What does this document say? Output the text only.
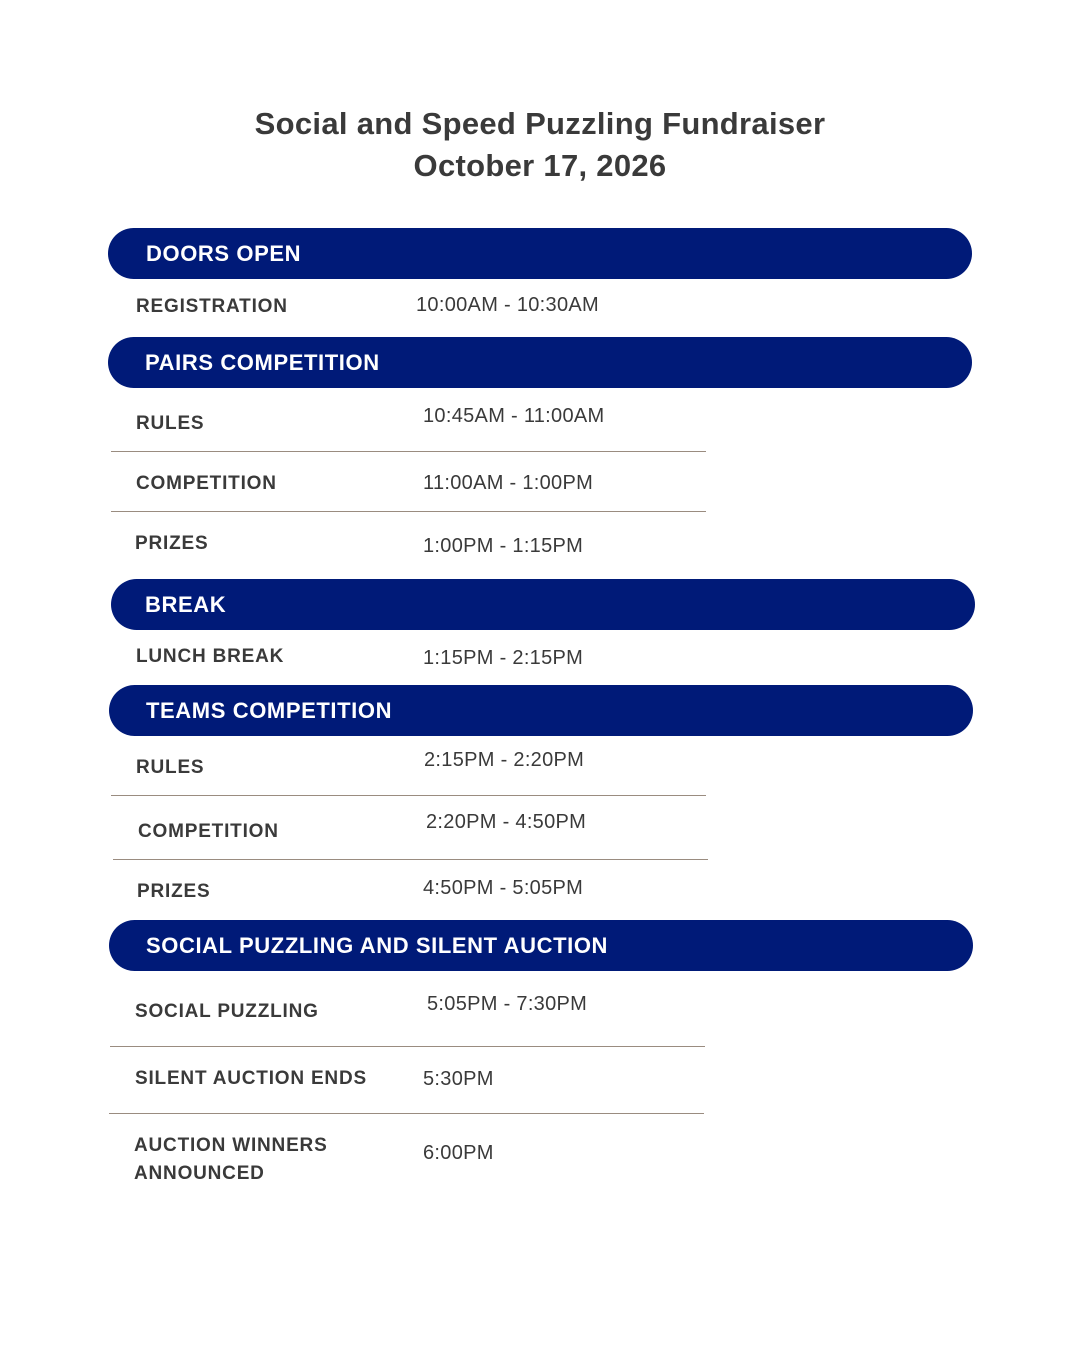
Social and Speed Puzzling Fundraiser
October 17, 2026
DOORS OPEN
REGISTRATION	10:00AM - 10:30AM
PAIRS COMPETITION
RULES	10:45AM - 11:00AM
COMPETITION	11:00AM - 1:00PM
PRIZES	1:00PM - 1:15PM
BREAK
LUNCH BREAK	1:15PM - 2:15PM
TEAMS COMPETITION
RULES	2:15PM - 2:20PM
COMPETITION	2:20PM - 4:50PM
PRIZES	4:50PM - 5:05PM
SOCIAL PUZZLING AND SILENT AUCTION
SOCIAL PUZZLING	5:05PM - 7:30PM
SILENT AUCTION ENDS	5:30PM
AUCTION WINNERS
ANNOUNCED
6:00PM
